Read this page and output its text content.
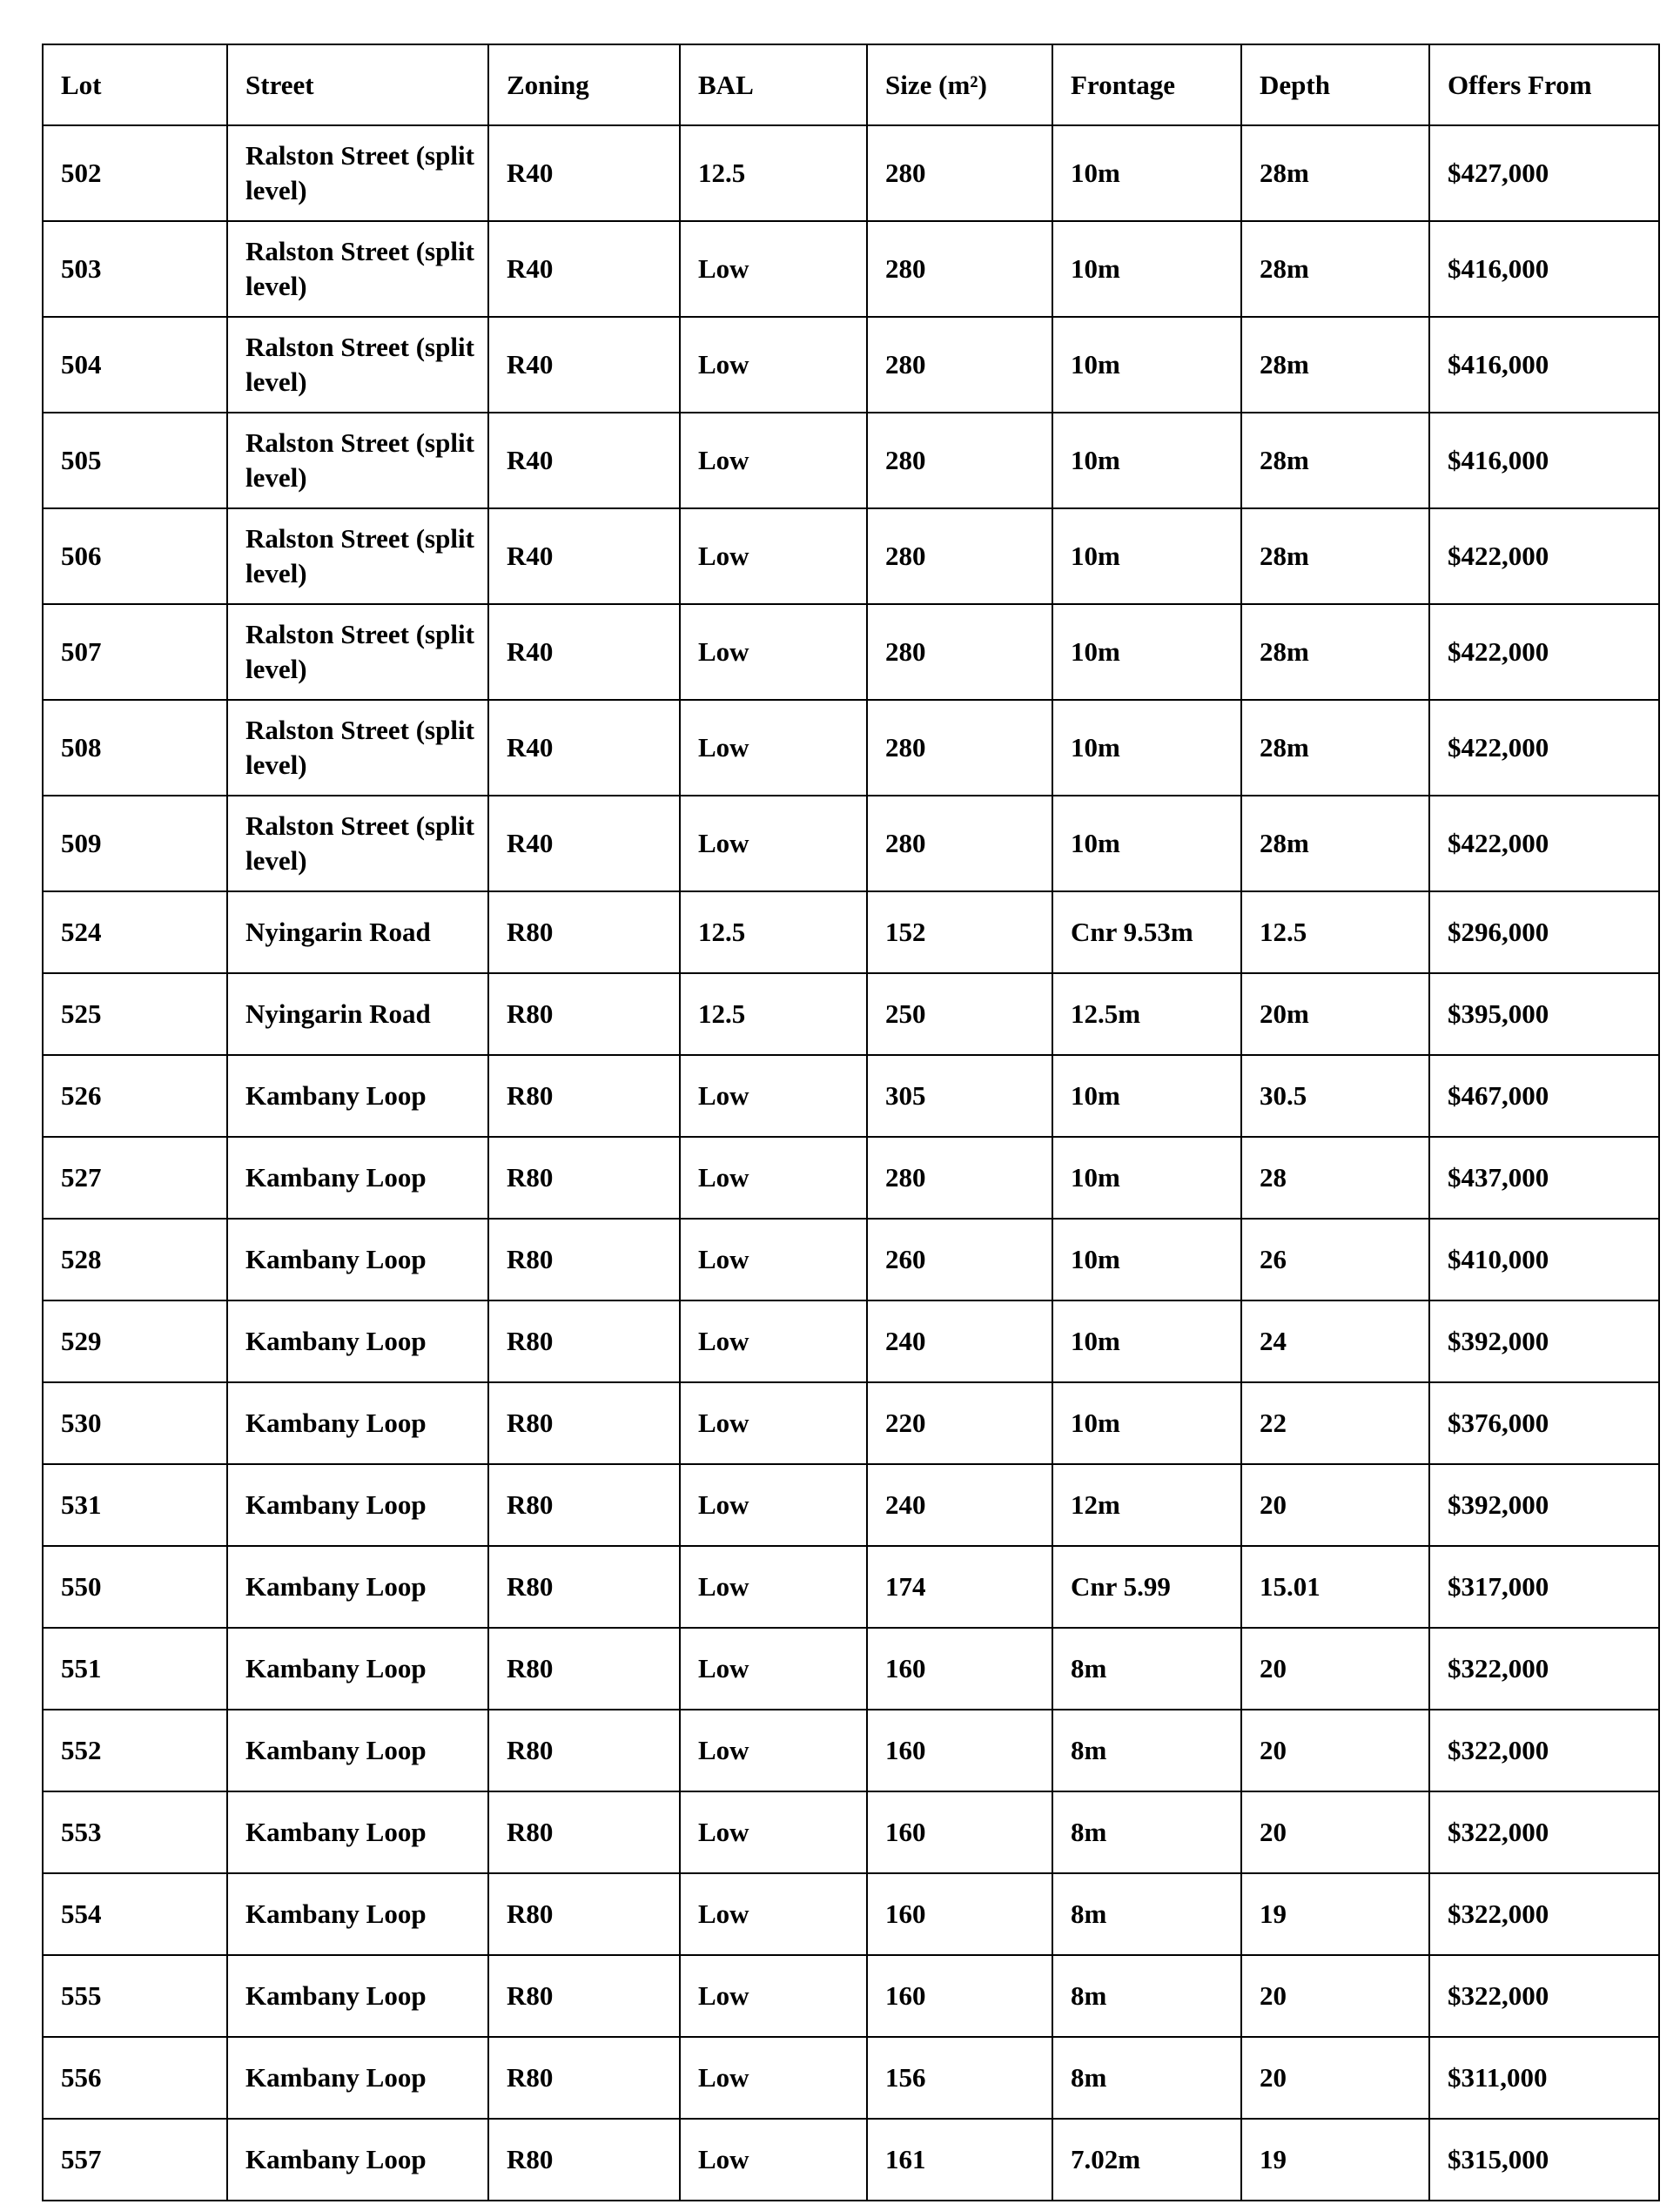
Lot	Street	Zoning	BAL	Size (m²)	Frontage	Depth	Offers From
502	Ralston Street (split level)	R40	12.5	280	10m	28m	$427,000
503	Ralston Street (split level)	R40	Low	280	10m	28m	$416,000
504	Ralston Street (split level)	R40	Low	280	10m	28m	$416,000
505	Ralston Street (split level)	R40	Low	280	10m	28m	$416,000
506	Ralston Street (split level)	R40	Low	280	10m	28m	$422,000
507	Ralston Street (split level)	R40	Low	280	10m	28m	$422,000
508	Ralston Street (split level)	R40	Low	280	10m	28m	$422,000
509	Ralston Street (split level)	R40	Low	280	10m	28m	$422,000
524	Nyingarin Road	R80	12.5	152	Cnr 9.53m	12.5	$296,000
525	Nyingarin Road	R80	12.5	250	12.5m	20m	$395,000
526	Kambany Loop	R80	Low	305	10m	30.5	$467,000
527	Kambany Loop	R80	Low	280	10m	28	$437,000
528	Kambany Loop	R80	Low	260	10m	26	$410,000
529	Kambany Loop	R80	Low	240	10m	24	$392,000
530	Kambany Loop	R80	Low	220	10m	22	$376,000
531	Kambany Loop	R80	Low	240	12m	20	$392,000
550	Kambany Loop	R80	Low	174	Cnr 5.99	15.01	$317,000
551	Kambany Loop	R80	Low	160	8m	20	$322,000
552	Kambany Loop	R80	Low	160	8m	20	$322,000
553	Kambany Loop	R80	Low	160	8m	20	$322,000
554	Kambany Loop	R80	Low	160	8m	19	$322,000
555	Kambany Loop	R80	Low	160	8m	20	$322,000
556	Kambany Loop	R80	Low	156	8m	20	$311,000
557	Kambany Loop	R80	Low	161	7.02m	19	$315,000
